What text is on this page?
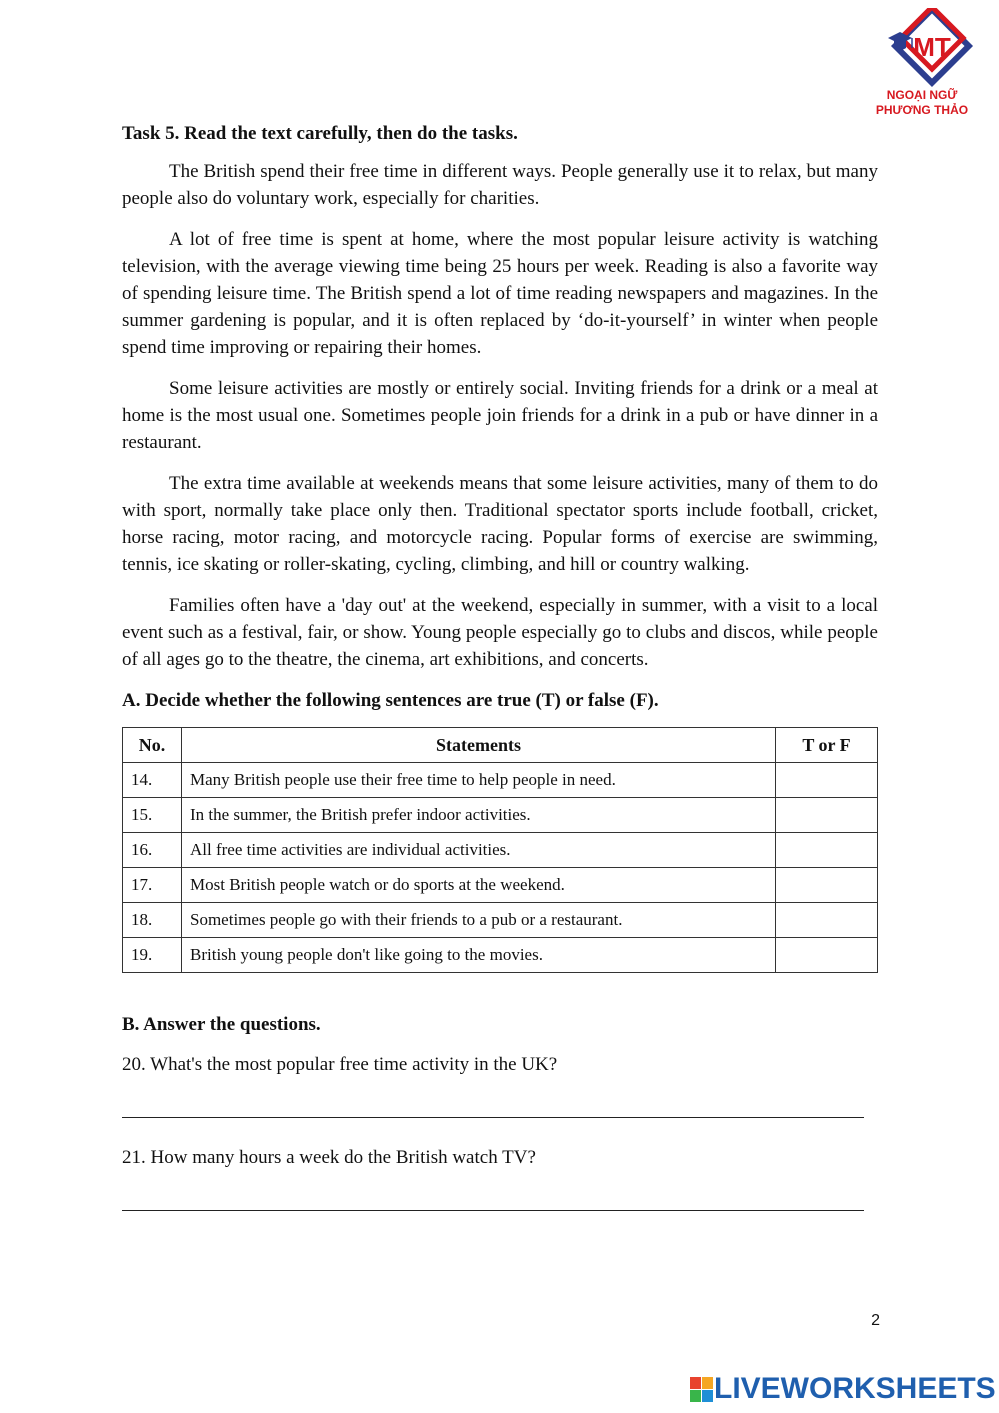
MT
NGOẠI NGỮ
PHƯƠNG THẢO
Task 5. Read the text carefully, then do the tasks.

The British spend their free time in different ways. People generally use it to relax, but many people also do voluntary work, especially for charities.

A lot of free time is spent at home, where the most popular leisure activity is watching television, with the average viewing time being 25 hours per week. Reading is also a favorite way of spending leisure time. The British spend a lot of time reading newspapers and magazines. In the summer gardening is popular, and it is often replaced by ‘do-it-yourself’ in winter when people spend time improving or repairing their homes.

Some leisure activities are mostly or entirely social. Inviting friends for a drink or a meal at home is the most usual one. Sometimes people join friends for a drink in a pub or have dinner in a restaurant.

The extra time available at weekends means that some leisure activities, many of them to do with sport, normally take place only then. Traditional spectator sports include football, cricket, horse racing, motor racing, and motorcycle racing. Popular forms of exercise are swimming, tennis, ice skating or roller-skating, cycling, climbing, and hill or country walking.

Families often have a 'day out' at the weekend, especially in summer, with a visit to a local event such as a festival, fair, or show. Young people especially go to clubs and discos, while people of all ages go to the theatre, the cinema, art exhibitions, and concerts.

A. Decide whether the following sentences are true (T) or false (F).
No.	Statements	T or F
14.	Many British people use their free time to help people in need.	
15.	In the summer, the British prefer indoor activities.	
16.	All free time activities are individual activities.	
17.	Most British people watch or do sports at the weekend.	
18.	Sometimes people go with their friends to a pub or a restaurant.	
19.	British young people don't like going to the movies.	
B. Answer the questions.

20. What's the most popular free time activity in the UK?

21. How many hours a week do the British watch TV?

2
LIVEWORKSHEETS
